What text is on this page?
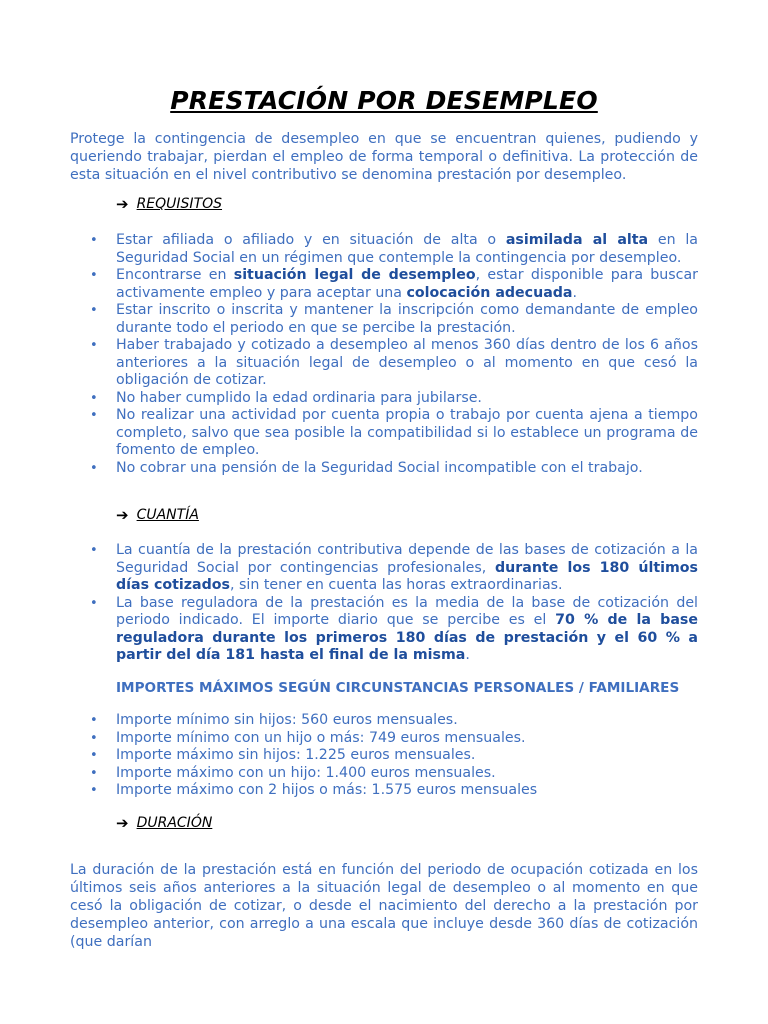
PRESTACIÓN POR DESEMPLEO

Protege la contingencia de desempleo en que se encuentran quienes, pudiendo y queriendo trabajar, pierdan el empleo de forma temporal o definitiva. La protección de esta situación en el nivel contributivo se denomina prestación por desempleo.

➔ REQUISITOS
• Estar afiliada o afiliado y en situación de alta o asimilada al alta en la Seguridad Social en un régimen que contemple la contingencia por desempleo.
• Encontrarse en situación legal de desempleo, estar disponible para buscar activamente empleo y para aceptar una colocación adecuada.
• Estar inscrito o inscrita y mantener la inscripción como demandante de empleo durante todo el periodo en que se percibe la prestación.
• Haber trabajado y cotizado a desempleo al menos 360 días dentro de los 6 años anteriores a la situación legal de desempleo o al momento en que cesó la obligación de cotizar.
• No haber cumplido la edad ordinaria para jubilarse.
• No realizar una actividad por cuenta propia o trabajo por cuenta ajena a tiempo completo, salvo que sea posible la compatibilidad si lo establece un programa de fomento de empleo.
• No cobrar una pensión de la Seguridad Social incompatible con el trabajo.
➔ CUANTÍA
• La cuantía de la prestación contributiva depende de las bases de cotización a la Seguridad Social por contingencias profesionales, durante los 180 últimos días cotizados, sin tener en cuenta las horas extraordinarias.
• La base reguladora de la prestación es la media de la base de cotización del periodo indicado. El importe diario que se percibe es el 70 % de la base reguladora durante los primeros 180 días de prestación y el 60 % a partir del día 181 hasta el final de la misma.

IMPORTES MÁXIMOS SEGÚN CIRCUNSTANCIAS PERSONALES / FAMILIARES

• Importe mínimo sin hijos: 560 euros mensuales.
• Importe mínimo con un hijo o más: 749 euros mensuales.
• Importe máximo sin hijos: 1.225 euros mensuales.
• Importe máximo con un hijo: 1.400 euros mensuales.
• Importe máximo con 2 hijos o más: 1.575 euros mensuales
➔ DURACIÓN

La duración de la prestación está en función del periodo de ocupación cotizada en los últimos seis años anteriores a la situación legal de desempleo o al momento en que cesó la obligación de cotizar, o desde el nacimiento del derecho a la prestación por desempleo anterior, con arreglo a una escala que incluye desde 360 días de cotización (que darían
